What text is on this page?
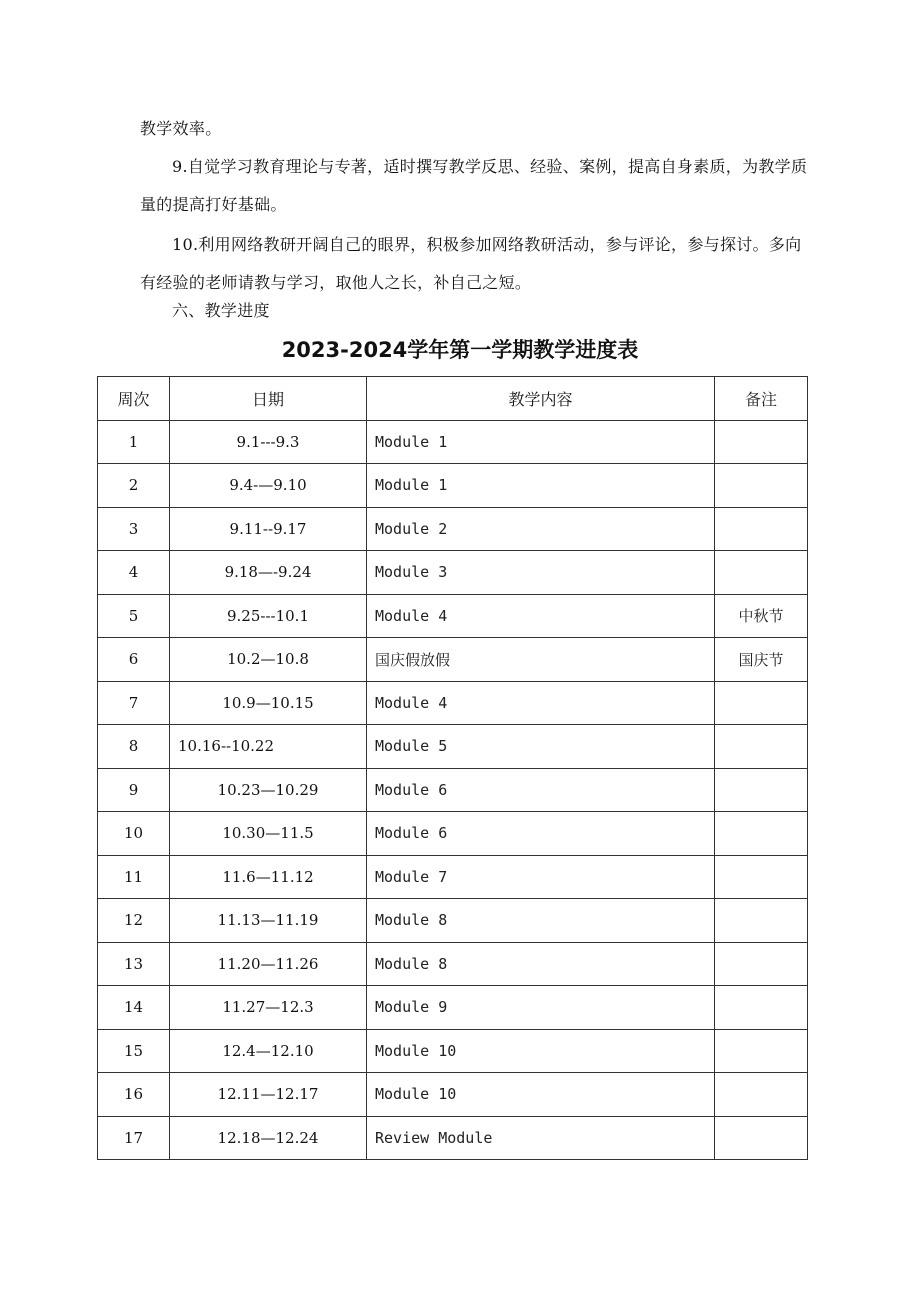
教学效率。
9.自觉学习教育理论与专著，适时撰写教学反思、经验、案例，提高自身素质，为教学质量的提高打好基础。
10.利用网络教研开阔自己的眼界，积极参加网络教研活动，参与评论，参与探讨。多向有经验的老师请教与学习，取他人之长，补自己之短。
六、教学进度
2023-2024学年第一学期教学进度表
周次	日期	教学内容	备注
1	9.1---9.3	Module 1	
2	9.4-—9.10	Module 1	
3	9.11--9.17	Module 2	
4	9.18—-9.24	Module 3	
5	9.25---10.1	Module 4	中秋节
6	10.2—10.8	国庆假放假	国庆节
7	10.9—10.15	Module 4	
8	10.16--10.22	Module 5	
9	10.23—10.29	Module 6	
10	10.30—11.5	Module 6	
11	11.6—11.12	Module 7	
12	11.13—11.19	Module 8	
13	11.20—11.26	Module 8	
14	11.27—12.3	Module 9	
15	12.4—12.10	Module 10	
16	12.11—12.17	Module 10	
17	12.18—12.24	Review Module	
